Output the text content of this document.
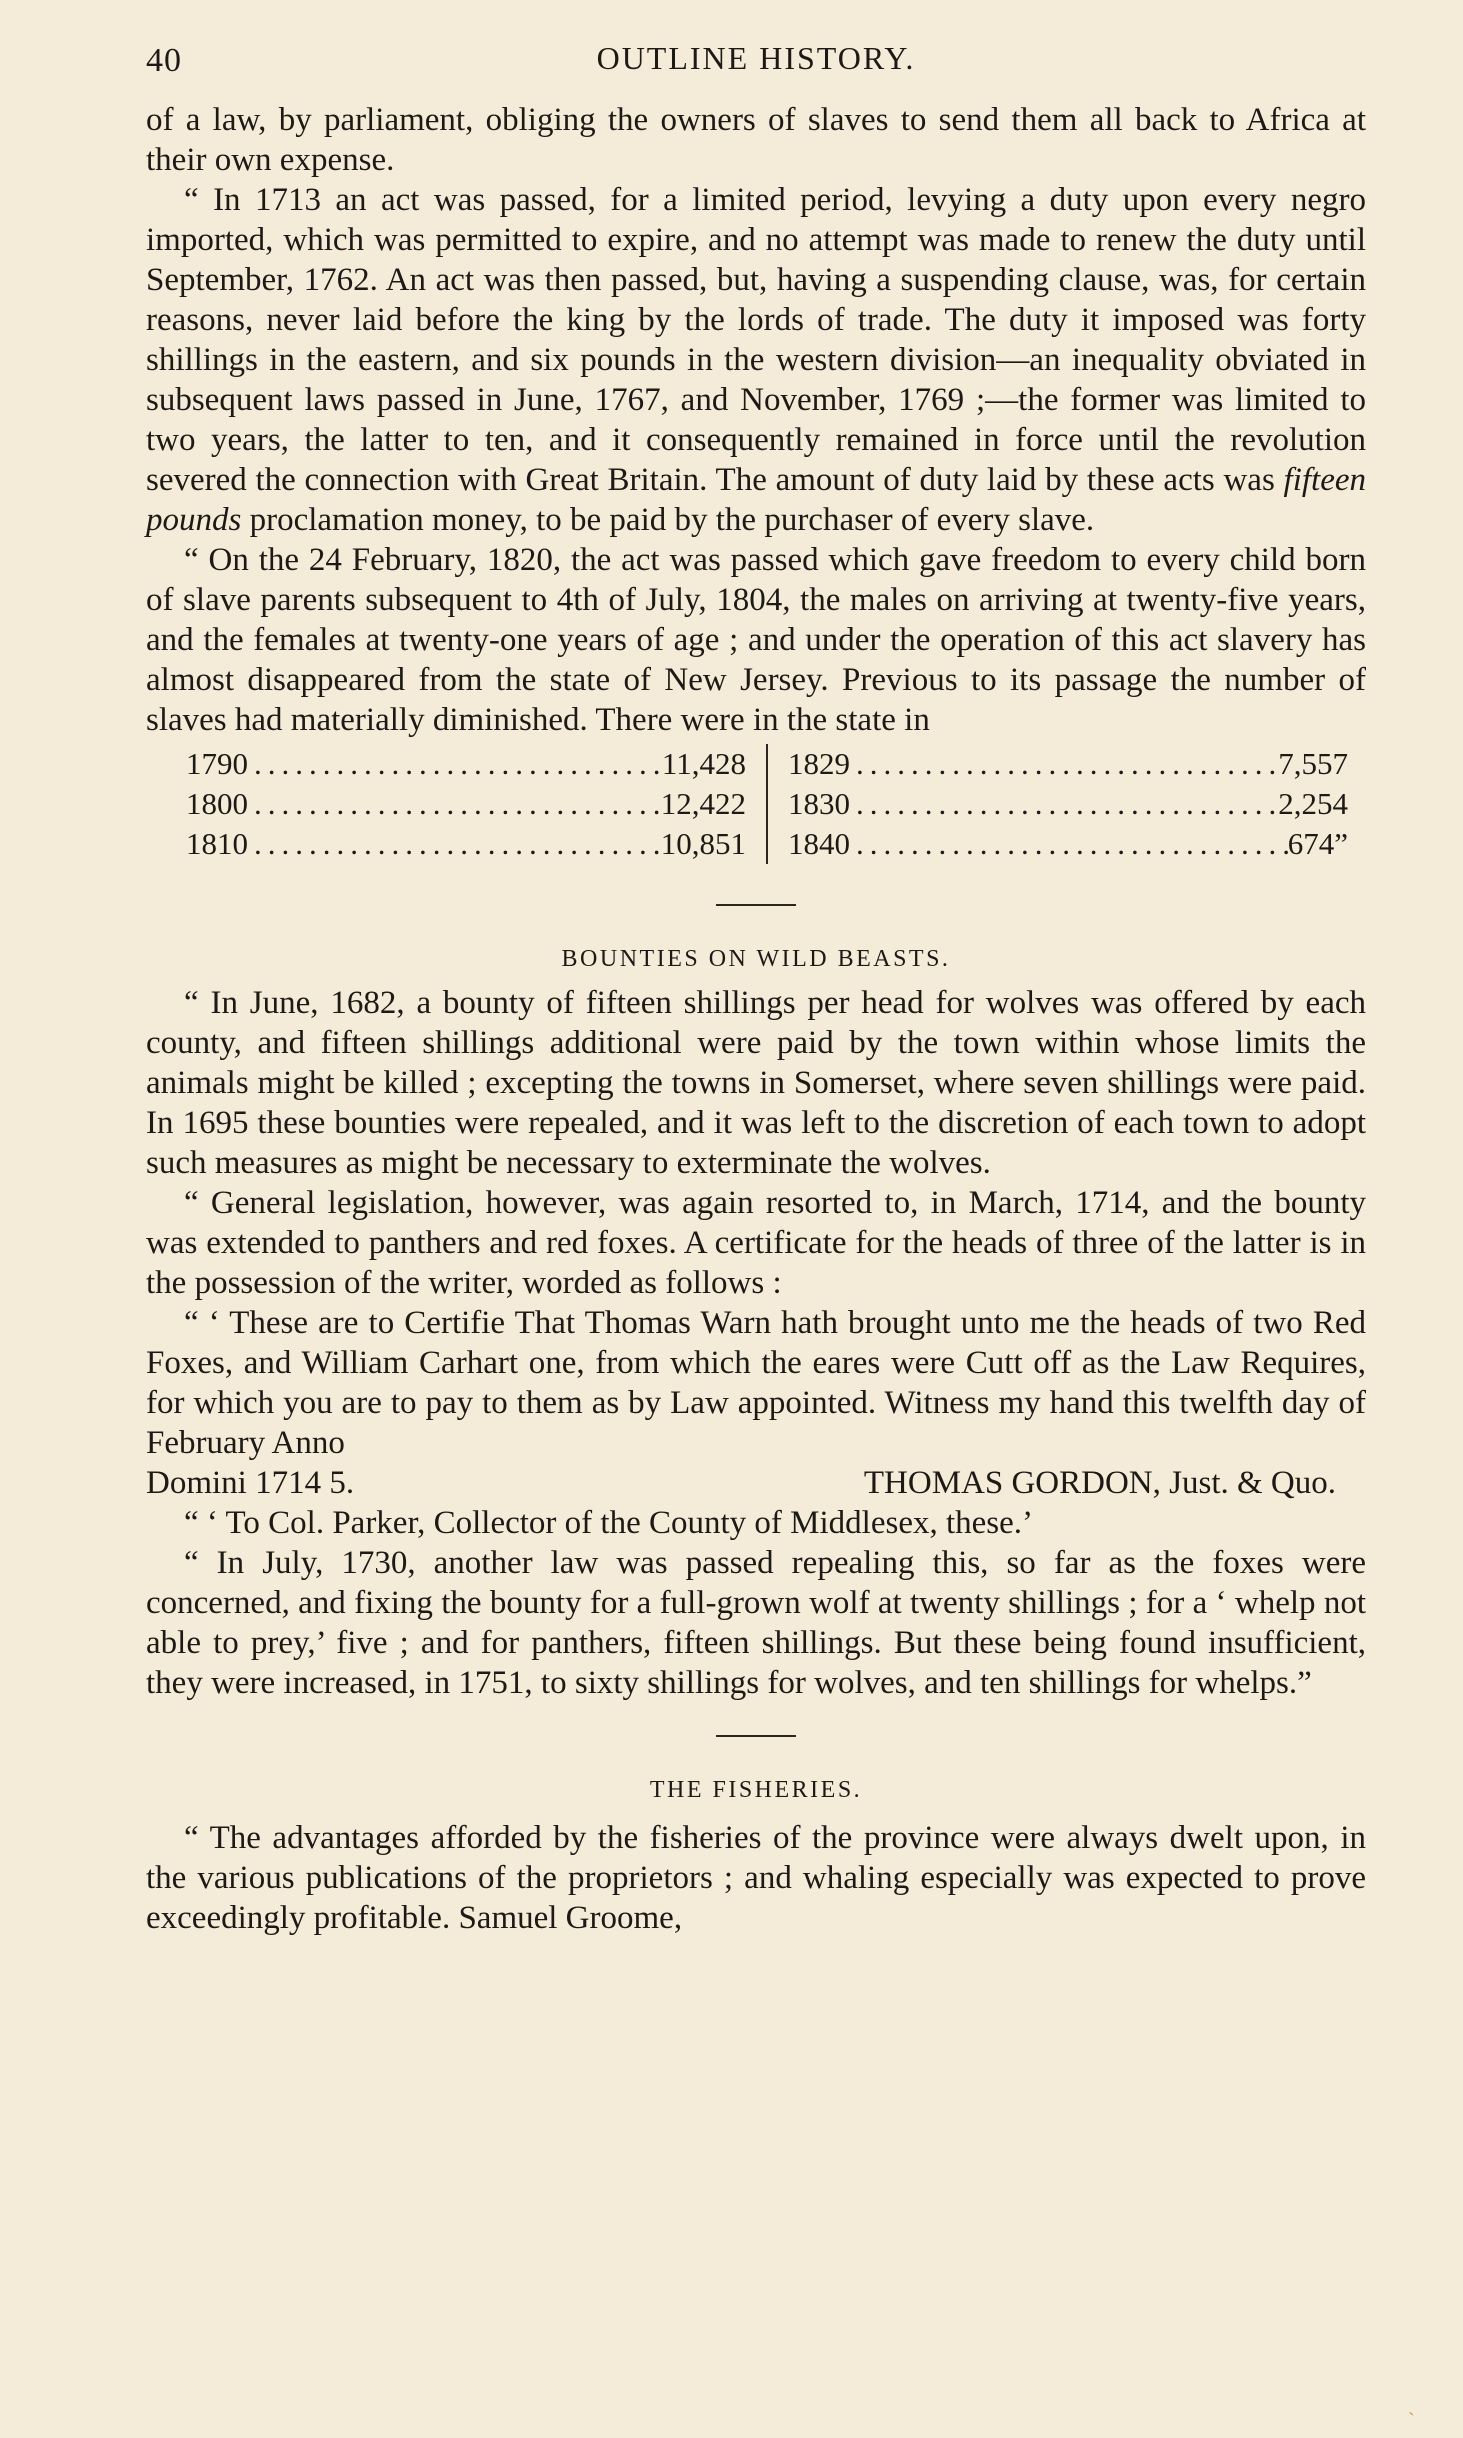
40	OUTLINE HISTORY.

of a law, by parliament, obliging the owners of slaves to send them all back to Africa at their own expense.

“ In 1713 an act was passed, for a limited period, levying a duty upon every negro imported, which was permitted to expire, and no attempt was made to renew the duty until September, 1762. An act was then passed, but, having a suspending clause, was, for certain reasons, never laid before the king by the lords of trade. The duty it imposed was forty shillings in the eastern, and six pounds in the western division—an inequality obviated in subsequent laws passed in June, 1767, and November, 1769 ;—the former was limited to two years, the latter to ten, and it consequently remained in force until the revolution severed the connection with Great Britain. The amount of duty laid by these acts was fifteen pounds proclamation money, to be paid by the purchaser of every slave.

“ On the 24 February, 1820, the act was passed which gave freedom to every child born of slave parents subsequent to 4th of July, 1804, the males on arriving at twenty-five years, and the females at twenty-one years of age ; and under the operation of this act slavery has almost disappeared from the state of New Jersey. Previous to its passage the number of slaves had materially diminished. There were in the state in

1790 .....	11,428
1800 .....	12,422
1810 .....	10,851
1829 .....	7,557
1830 .....	2,254
1840 .....	674”
BOUNTIES ON WILD BEASTS.

“ In June, 1682, a bounty of fifteen shillings per head for wolves was offered by each county, and fifteen shillings additional were paid by the town within whose limits the animals might be killed ; excepting the towns in Somerset, where seven shillings were paid. In 1695 these bounties were repealed, and it was left to the discretion of each town to adopt such measures as might be necessary to exterminate the wolves.

“ General legislation, however, was again resorted to, in March, 1714, and the bounty was extended to panthers and red foxes. A certificate for the heads of three of the latter is in the possession of the writer, worded as follows :

“ ‘ These are to Certifie That Thomas Warn hath brought unto me the heads of two Red Foxes, and William Carhart one, from which the eares were Cutt off as the Law Requires, for which you are to pay to them as by Law appointed. Witness my hand this twelfth day of February Anno

Domini 1714 5.	THOMAS GORDON, Just. & Quo.

“ ‘ To Col. Parker, Collector of the County of Middlesex, these.’

“ In July, 1730, another law was passed repealing this, so far as the foxes were concerned, and fixing the bounty for a full-grown wolf at twenty shillings ; for a ‘ whelp not able to prey,’ five ; and for panthers, fifteen shillings. But these being found insufficient, they were increased, in 1751, to sixty shillings for wolves, and ten shillings for whelps.”

THE FISHERIES.

“ The advantages afforded by the fisheries of the province were always dwelt upon, in the various publications of the proprietors ; and whaling especially was expected to prove exceedingly profitable. Samuel Groome,

ˏ
